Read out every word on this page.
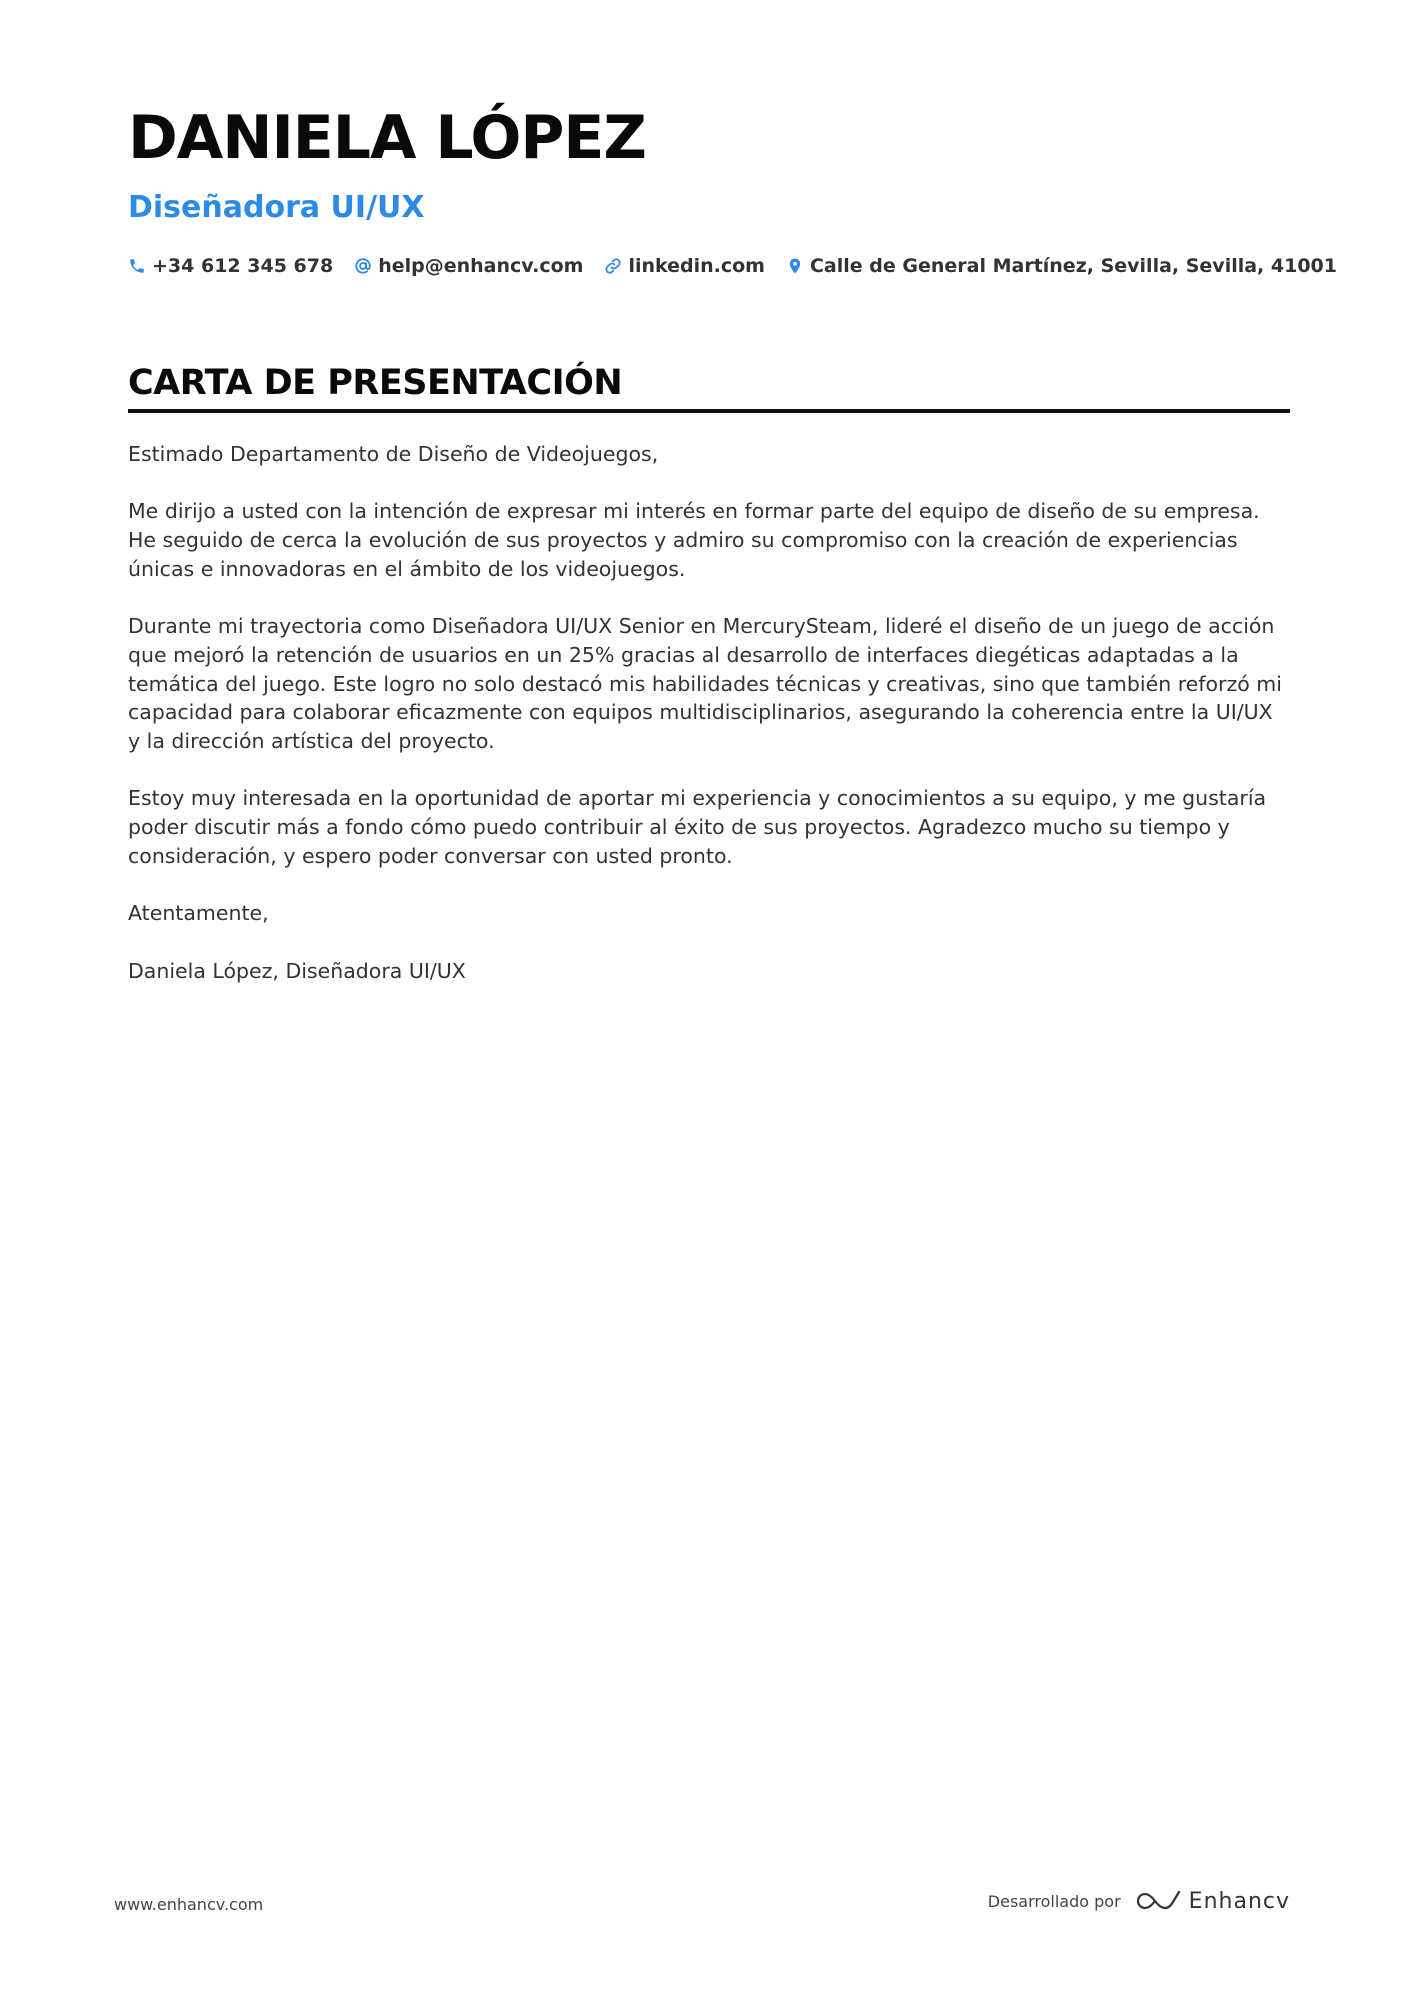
DANIELA LÓPEZ
Diseñadora UI/UX
+34 612 345 678 help@enhancv.com linkedin.com Calle de General Martínez, Sevilla, Sevilla, 41001
CARTA DE PRESENTACIÓN

Estimado Departamento de Diseño de Videojuegos,

Me dirijo a usted con la intención de expresar mi interés en formar parte del equipo de diseño de su empresa. He seguido de cerca la evolución de sus proyectos y admiro su compromiso con la creación de experiencias únicas e innovadoras en el ámbito de los videojuegos.

Durante mi trayectoria como Diseñadora UI/UX Senior en MercurySteam, lideré el diseño de un juego de acción que mejoró la retención de usuarios en un 25% gracias al desarrollo de interfaces diegéticas adaptadas a la temática del juego. Este logro no solo destacó mis habilidades técnicas y creativas, sino que también reforzó mi capacidad para colaborar eficazmente con equipos multidisciplinarios, asegurando la coherencia entre la UI/UX y la dirección artística del proyecto.

Estoy muy interesada en la oportunidad de aportar mi experiencia y conocimientos a su equipo, y me gustaría poder discutir más a fondo cómo puedo contribuir al éxito de sus proyectos. Agradezco mucho su tiempo y consideración, y espero poder conversar con usted pronto.

Atentamente,

Daniela López, Diseñadora UI/UX

www.enhancv.com	Desarrollado por	Enhancv
